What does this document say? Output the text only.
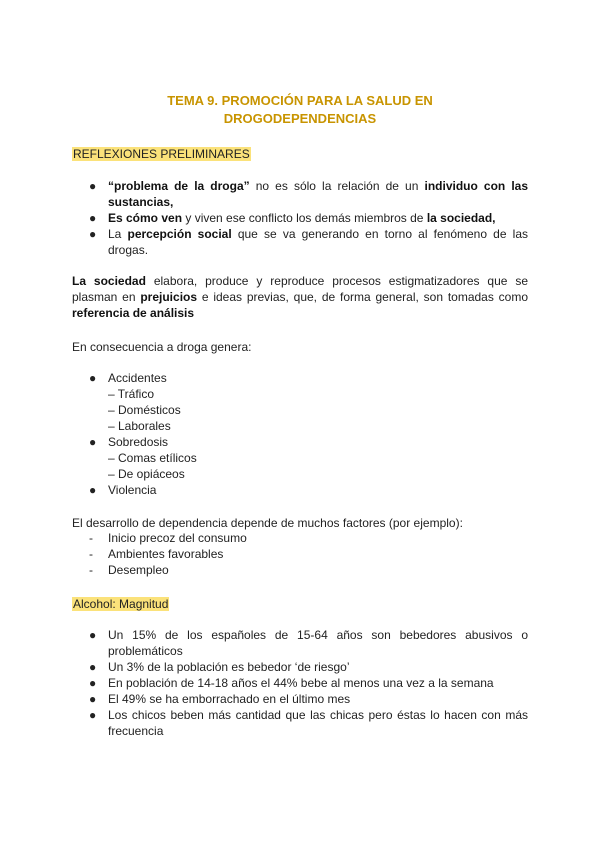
TEMA 9. PROMOCIÓN PARA LA SALUD EN
DROGODEPENDENCIAS
REFLEXIONES PRELIMINARES
● “problema de la droga” no es sólo la relación de un individuo con las sustancias,
● Es cómo ven y viven ese conflicto los demás miembros de la sociedad,
● La percepción social que se va generando en torno al fenómeno de las drogas.
La sociedad elabora, produce y reproduce procesos estigmatizadores que se plasman en prejuicios e ideas previas, que, de forma general, son tomadas como referencia de análisis
En consecuencia a droga genera:
● Accidentes
– Tráfico
– Domésticos
– Laborales
● Sobredosis
– Comas etílicos
– De opiáceos
● Violencia
El desarrollo de dependencia depende de muchos factores (por ejemplo):
- Inicio precoz del consumo
- Ambientes favorables
- Desempleo
Alcohol: Magnitud
● Un 15% de los españoles de 15-64 años son bebedores abusivos o problemáticos
● Un 3% de la población es bebedor ‘de riesgo’
● En población de 14-18 años el 44% bebe al menos una vez a la semana
● El 49% se ha emborrachado en el último mes
● Los chicos beben más cantidad que las chicas pero éstas lo hacen con más frecuencia
